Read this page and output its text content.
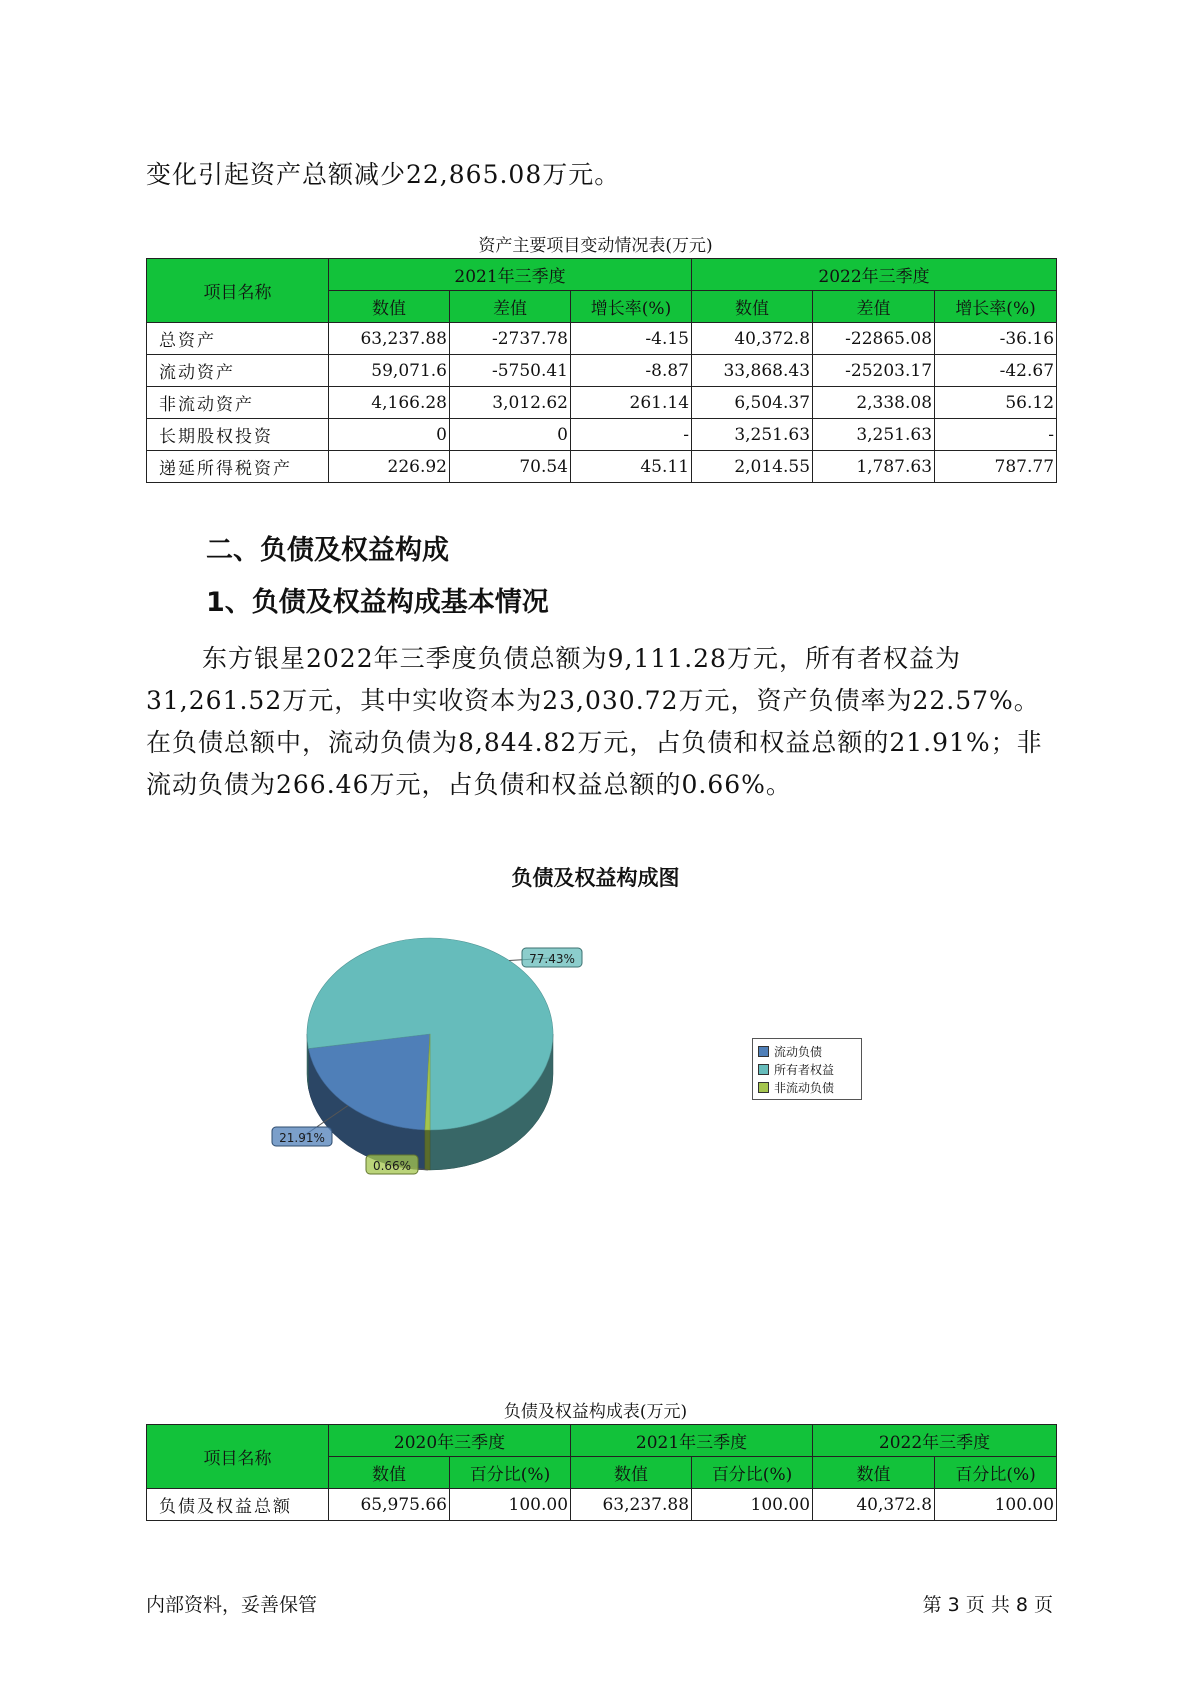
变化引起资产总额减少22,865.08万元。

资产主要项目变动情况表(万元)

项目名称	2021年三季度			2022年三季度		
	数值	差值	增长率(%)	数值	差值	增长率(%)
总资产	63,237.88	-2737.78	-4.15	40,372.8	-22865.08	-36.16
流动资产	59,071.6	-5750.41	-8.87	33,868.43	-25203.17	-42.67
非流动资产	4,166.28	3,012.62	261.14	6,504.37	2,338.08	56.12
长期股权投资	0	0	-	3,251.63	3,251.63	-
递延所得税资产	226.92	70.54	45.11	2,014.55	1,787.63	787.77
二、负债及权益构成
1、负债及权益构成基本情况

东方银星2022年三季度负债总额为9,111.28万元，所有者权益为31,261.52万元，其中实收资本为23,030.72万元，资产负债率为22.57%。在负债总额中，流动负债为8,844.82万元，占负债和权益总额的21.91%；非流动负债为266.46万元，占负债和权益总额的0.66%。

负债及权益构成图

21.91%
77.43%
0.66%
流动负债
所有者权益
非流动负债

负债及权益构成表(万元)

项目名称	2020年三季度		2021年三季度		2022年三季度	
	数值	百分比(%)	数值	百分比(%)	数值	百分比(%)
负债及权益总额	65,975.66	100.00	63,237.88	100.00	40,372.8	100.00

内部资料，妥善保管	第 3 页 共 8 页
